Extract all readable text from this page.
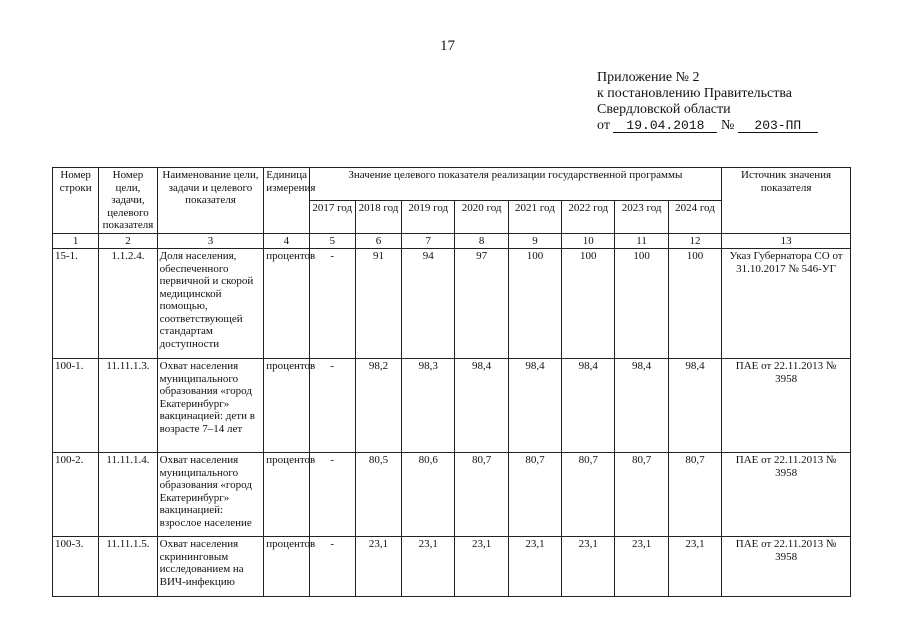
17
Приложение № 2
к постановлению Правительства
Свердловской области
от 19.04.2018 № 203-ПП
Номер строки	Номер цели, задачи, целевого показателя	Наименование цели, задачи и целевого показателя	Единица измерения	Значение целевого показателя реализации государственной программы								Источник значения показателя
				2017 год	2018 год	2019 год	2020 год	2021 год	2022 год	2023 год	2024 год	
1	2	3	4	5	6	7	8	9	10	11	12	13
15-1.	1.1.2.4.	Доля населения, обеспеченного первичной и скорой медицинской помощью, соответствующей стандартам доступности	процентов	-	91	94	97	100	100	100	100	Указ Губернатора СО от 31.10.2017 № 546-УГ
100-1.	11.11.1.3.	Охват населения муниципального образования «город Екатеринбург» вакцинацией: дети в возрасте 7–14 лет	процентов	-	98,2	98,3	98,4	98,4	98,4	98,4	98,4	ПАЕ от 22.11.2013 № 3958
100-2.	11.11.1.4.	Охват населения муниципального образования «город Екатеринбург» вакцинацией: взрослое население	процентов	-	80,5	80,6	80,7	80,7	80,7	80,7	80,7	ПАЕ от 22.11.2013 № 3958
100-3.	11.11.1.5.	Охват населения скрининговым исследованием на ВИЧ-инфекцию	процентов	-	23,1	23,1	23,1	23,1	23,1	23,1	23,1	ПАЕ от 22.11.2013 № 3958
